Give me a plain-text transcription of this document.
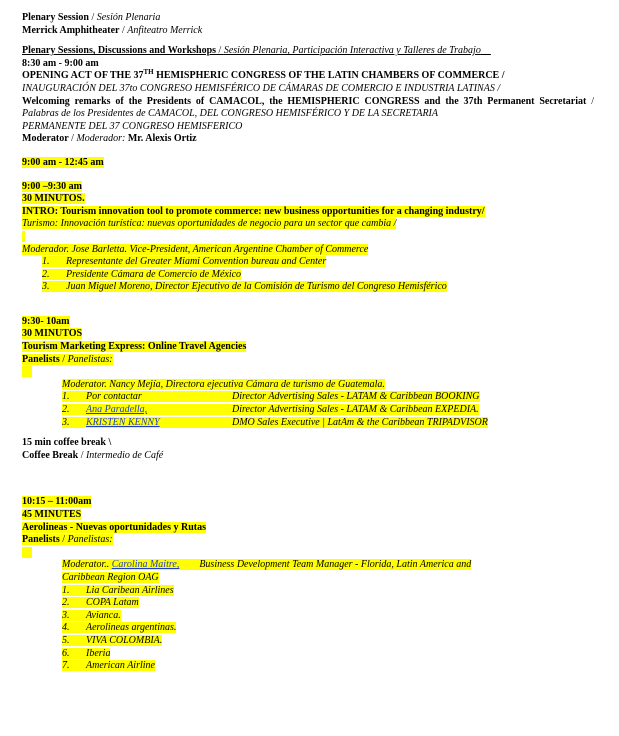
Plenary Session / Sesión Plenaria
Merrick Amphitheater / Anfiteatro Merrick
Plenary Sessions, Discussions and Workshops / Sesión Plenaria, Participación Interactiva y Talleres de Trabajo
8:30 am - 9:00 am
OPENING ACT OF THE 37TH HEMISPHERIC CONGRESS OF THE LATIN CHAMBERS OF COMMERCE /
INAUGURACIÓN DEL 37to CONGRESO HEMISFÉRICO DE CÁMARAS DE COMERCIO E INDUSTRIA LATINAS /
Welcoming remarks of the Presidents of CAMACOL, the HEMISPHERIC CONGRESS and the 37th Permanent Secretariat / Palabras de los Presidentes de CAMACOL, DEL CONGRESO HEMISFÉRICO Y DE LA SECRETARIA
PERMANENTE DEL 37 CONGRESO HEMISFERICO
Moderator / Moderador: Mr. Alexis Ortiz
9:00 am - 12:45 am
9:00 –9:30 am
30 MINUTOS.
INTRO: Tourism innovation tool to promote commerce: new business opportunities for a changing industry/
Turismo: Innovación turística: nuevas oportunidades de negocio para un sector que cambia /

Moderador. Jose Barletta. Vice-President, American Argentine Chamber of Commerce
1. Representante del Greater Miami Convention bureau and Center
2. Presidente Cámara de Comercio de México
3. Juan Miguel Moreno, Director Ejecutivo de la Comisión de Turismo del Congreso Hemisférico
9:30- 10am
30 MINUTOS
Tourism Marketing Express: Online Travel Agencies
Panelists / Panelistas:

Moderator. Nancy Mejía, Directora ejecutiva Cámara de turismo de Guatemala.
1. Por contactar	Director Advertising Sales - LATAM & Caribbean BOOKING
2. Ana Paradella,	Director Advertising Sales - LATAM & Caribbean EXPEDIA.
3. KRISTEN KENNY	DMO Sales Executive | LatAm & the Caribbean TRIPADVISOR
15 min coffee break \
Coffee Break / Intermedio de Café
10:15 – 11:00am
45 MINUTES
Aerolineas - Nuevas oportunidades y Rutas
Panelists / Panelistas:

Moderator.. Carolina Maitre, Business Development Team Manager - Florida, Latin America and
Caribbean Region OAG
1. Lia Caribean Airlines
2. COPA Latam
3. Avianca.
4. Aerolineas argentinas.
5. VIVA COLOMBIA.
6. Iberia
7. American Airline
